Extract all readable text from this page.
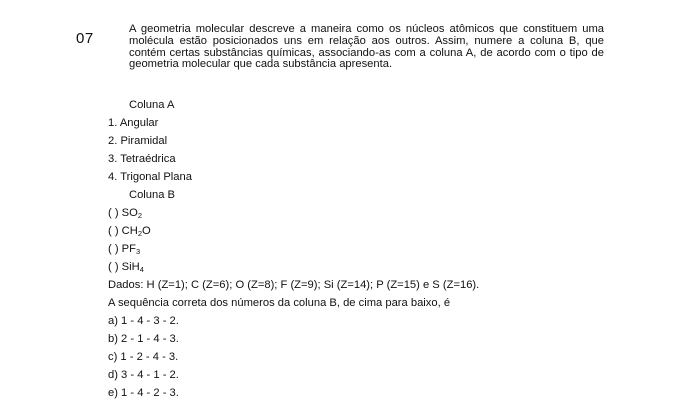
07
A geometria molecular descreve a maneira como os núcleos atômicos que constituem uma molécula estão posicionados uns em relação aos outros. Assim, numere a coluna B, que contém certas substâncias químicas, associando-as com a coluna A, de acordo com o tipo de geometria molecular que cada substância apresenta.
Coluna A
1. Angular
2. Piramidal
3. Tetraédrica
4. Trigonal Plana
Coluna B
( ) $SO_2$
( ) $CH_2O$
( ) $PF_3$
( ) SiH$_4$
Dados: H (Z=1); C (Z=6); O (Z=8); F (Z=9); Si (Z=14); P (Z=15) e S (Z=16).
A sequência correta dos números da coluna B, de cima para baixo, é
a) 1 - 4 - 3 - 2.
b) 2 - 1 - 4 - 3.
c) 1 - 2 - 4 - 3.
d) 3 - 4 - 1 - 2.
e) 1 - 4 - 2 - 3.
